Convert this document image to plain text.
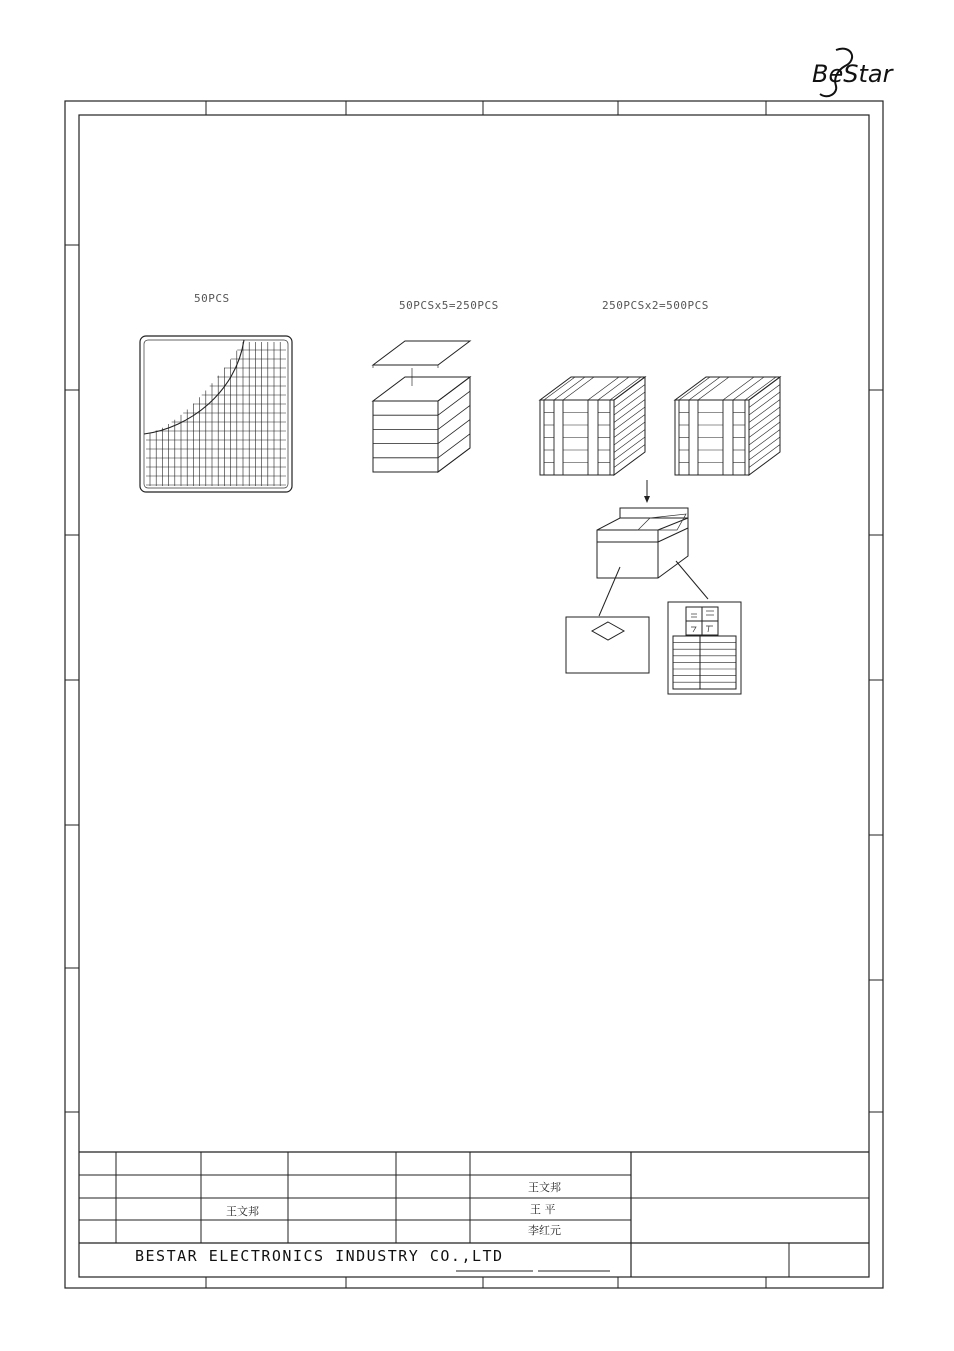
BeStar
50PCS
50PCSx5=250PCS	250PCSx2=500PCS
王文邦
王 平
李红元
王文邦
BESTAR ELECTRONICS INDUSTRY CO.,LTD
